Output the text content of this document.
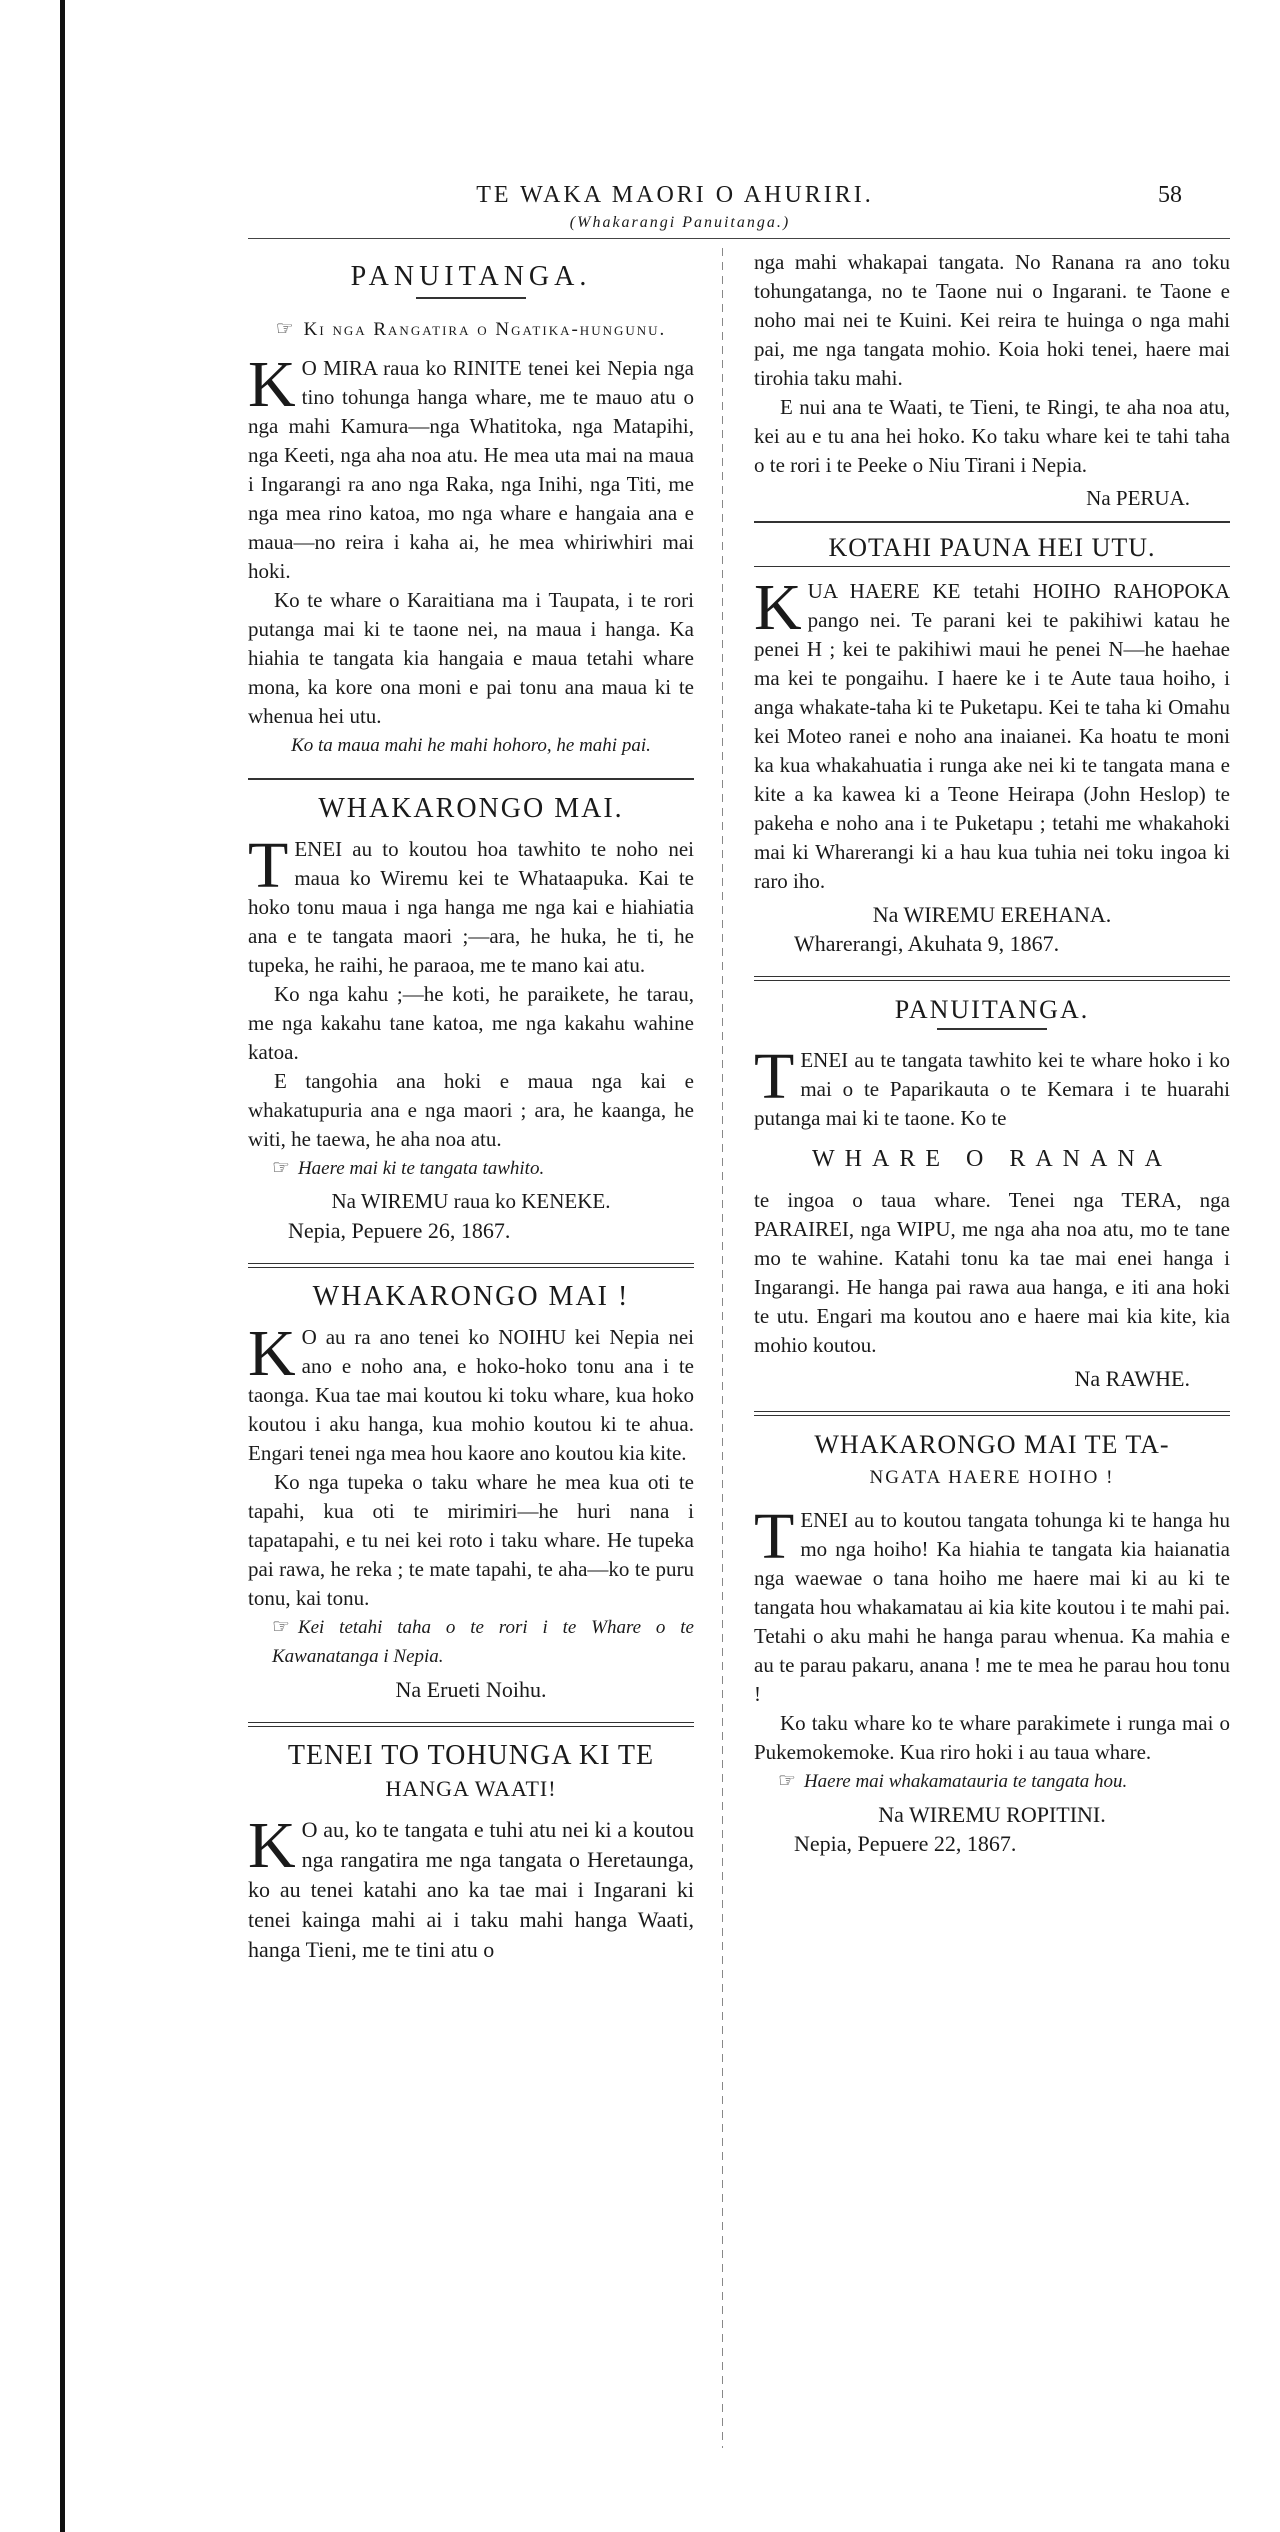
TE WAKA MAORI O AHURIRI.
(Whakarangi Panuitanga.)
58
PANUITANGA.
☞ Ki nga Rangatira o Ngatika-hungunu.

K O MIRA raua ko RINITE tenei kei Nepia nga tino tohunga hanga whare, me te mauo atu o nga mahi Kamura—nga Whatitoka, nga Matapihi, nga Keeti, nga aha noa atu. He mea uta mai na maua i Ingarangi ra ano nga Raka, nga Inihi, nga Titi, me nga mea rino katoa, mo nga whare e hangaia ana e maua—no reira i kaha ai, he mea whiriwhiri mai hoki.

Ko te whare o Karaitiana ma i Taupata, i te rori putanga mai ki te taone nei, na maua i hanga. Ka hiahia te tangata kia hangaia e maua tetahi whare mona, ka kore ona moni e pai tonu ana maua ki te whenua hei utu.

Ko ta maua mahi he mahi hohoro, he mahi pai.

WHAKARONGO MAI.

TENEI au to koutou hoa tawhito te noho nei maua ko Wiremu kei te Whataapuka. Kai te hoko tonu maua i nga hanga me nga kai e hiahiatia ana e te tangata maori ;—ara, he huka, he ti, he tupeka, he raihi, he paraoa, me te mano kai atu.

Ko nga kahu ;—he koti, he paraikete, he tarau, me nga kakahu tane katoa, me nga kakahu wahine katoa.

E tangohia ana hoki e maua nga kai e whakatupuria ana e nga maori ; ara, he kaanga, he witi, he taewa, he aha noa atu.

☞ Haere mai ki te tangata tawhito.

Na WIREMU raua ko KENEKE.

Nepia, Pepuere 26, 1867.

WHAKARONGO MAI !

K O au ra ano tenei ko NOIHU kei Nepia nei ano e noho ana, e hoko-hoko tonu ana i te taonga. Kua tae mai koutou ki toku whare, kua hoko koutou i aku hanga, kua mohio koutou ki te ahua. Engari tenei nga mea hou kaore ano koutou kia kite.

Ko nga tupeka o taku whare he mea kua oti te tapahi, kua oti te mirimiri—he huri nana i tapatapahi, e tu nei kei roto i taku whare. He tupeka pai rawa, he reka ; te mate tapahi, te aha—ko te puru tonu, kai tonu.

☞ Kei tetahi taha o te rori i te Whare o te Kawanatanga i Nepia.

Na Erueti Noihu.

TENEI TO TOHUNGA KI TE
HANGA WAATI!

K O au, ko te tangata e tuhi atu nei ki a koutou nga rangatira me nga tangata o Heretaunga, ko au tenei katahi ano ka tae mai i Ingarani ki tenei kainga mahi ai i taku mahi hanga Waati, hanga Tieni, me te tini atu o

nga mahi whakapai tangata. No Ranana ra ano toku tohungatanga, no te Taone nui o Ingarani. te Taone e noho mai nei te Kuini. Kei reira te huinga o nga mahi pai, me nga tangata mohio. Koia hoki tenei, haere mai tirohia taku mahi.

E nui ana te Waati, te Tieni, te Ringi, te aha noa atu, kei au e tu ana hei hoko. Ko taku whare kei te tahi taha o te rori i te Peeke o Niu Tirani i Nepia.

Na PERUA.

KOTAHI PAUNA HEI UTU.

KUA HAERE KE tetahi HOIHO RAHOPOKA pango nei. Te parani kei te pakihiwi katau he penei H ; kei te pakihiwi maui he penei N—he haehae ma kei te pongaihu. I haere ke i te Aute taua hoiho, i anga whakate-taha ki te Puketapu. Kei te taha ki Omahu kei Moteo ranei e noho ana inaianei. Ka hoatu te moni ka kua whakahuatia i runga ake nei ki te tangata mana e kite a ka kawea ki a Teone Heirapa (John Heslop) te pakeha e noho ana i te Puketapu ; tetahi me whakahoki mai ki Wharerangi ki a hau kua tuhia nei toku ingoa ki raro iho.

Na WIREMU EREHANA.

Wharerangi, Akuhata 9, 1867.

PANUITANGA.

TENEI au te tangata tawhito kei te whare hoko i ko mai o te Paparikauta o te Kemara i te huarahi putanga mai ki te taone. Ko te

WHARE O RANANA

te ingoa o taua whare. Tenei nga TERA, nga PARAIREI, nga WIPU, me nga aha noa atu, mo te tane mo te wahine. Katahi tonu ka tae mai enei hanga i Ingarangi. He hanga pai rawa aua hanga, e iti ana hoki te utu. Engari ma koutou ano e haere mai kia kite, kia mohio koutou.

Na RAWHE.

WHAKARONGO MAI TE TA-
NGATA HAERE HOIHO !

TENEI au to koutou tangata tohunga ki te hanga hu mo nga hoiho! Ka hiahia te tangata kia haianatia nga waewae o tana hoiho me haere mai ki au ki te tangata hou whakamatau ai kia kite koutou i te mahi pai. Tetahi o aku mahi he hanga parau whenua. Ka mahia e au te parau pakaru, anana ! me te mea he parau hou tonu !

Ko taku whare ko te whare parakimete i runga mai o Pukemokemoke. Kua riro hoki i au taua whare.

☞ Haere mai whakamatauria te tangata hou.

Na WIREMU ROPITINI.

Nepia, Pepuere 22, 1867.
